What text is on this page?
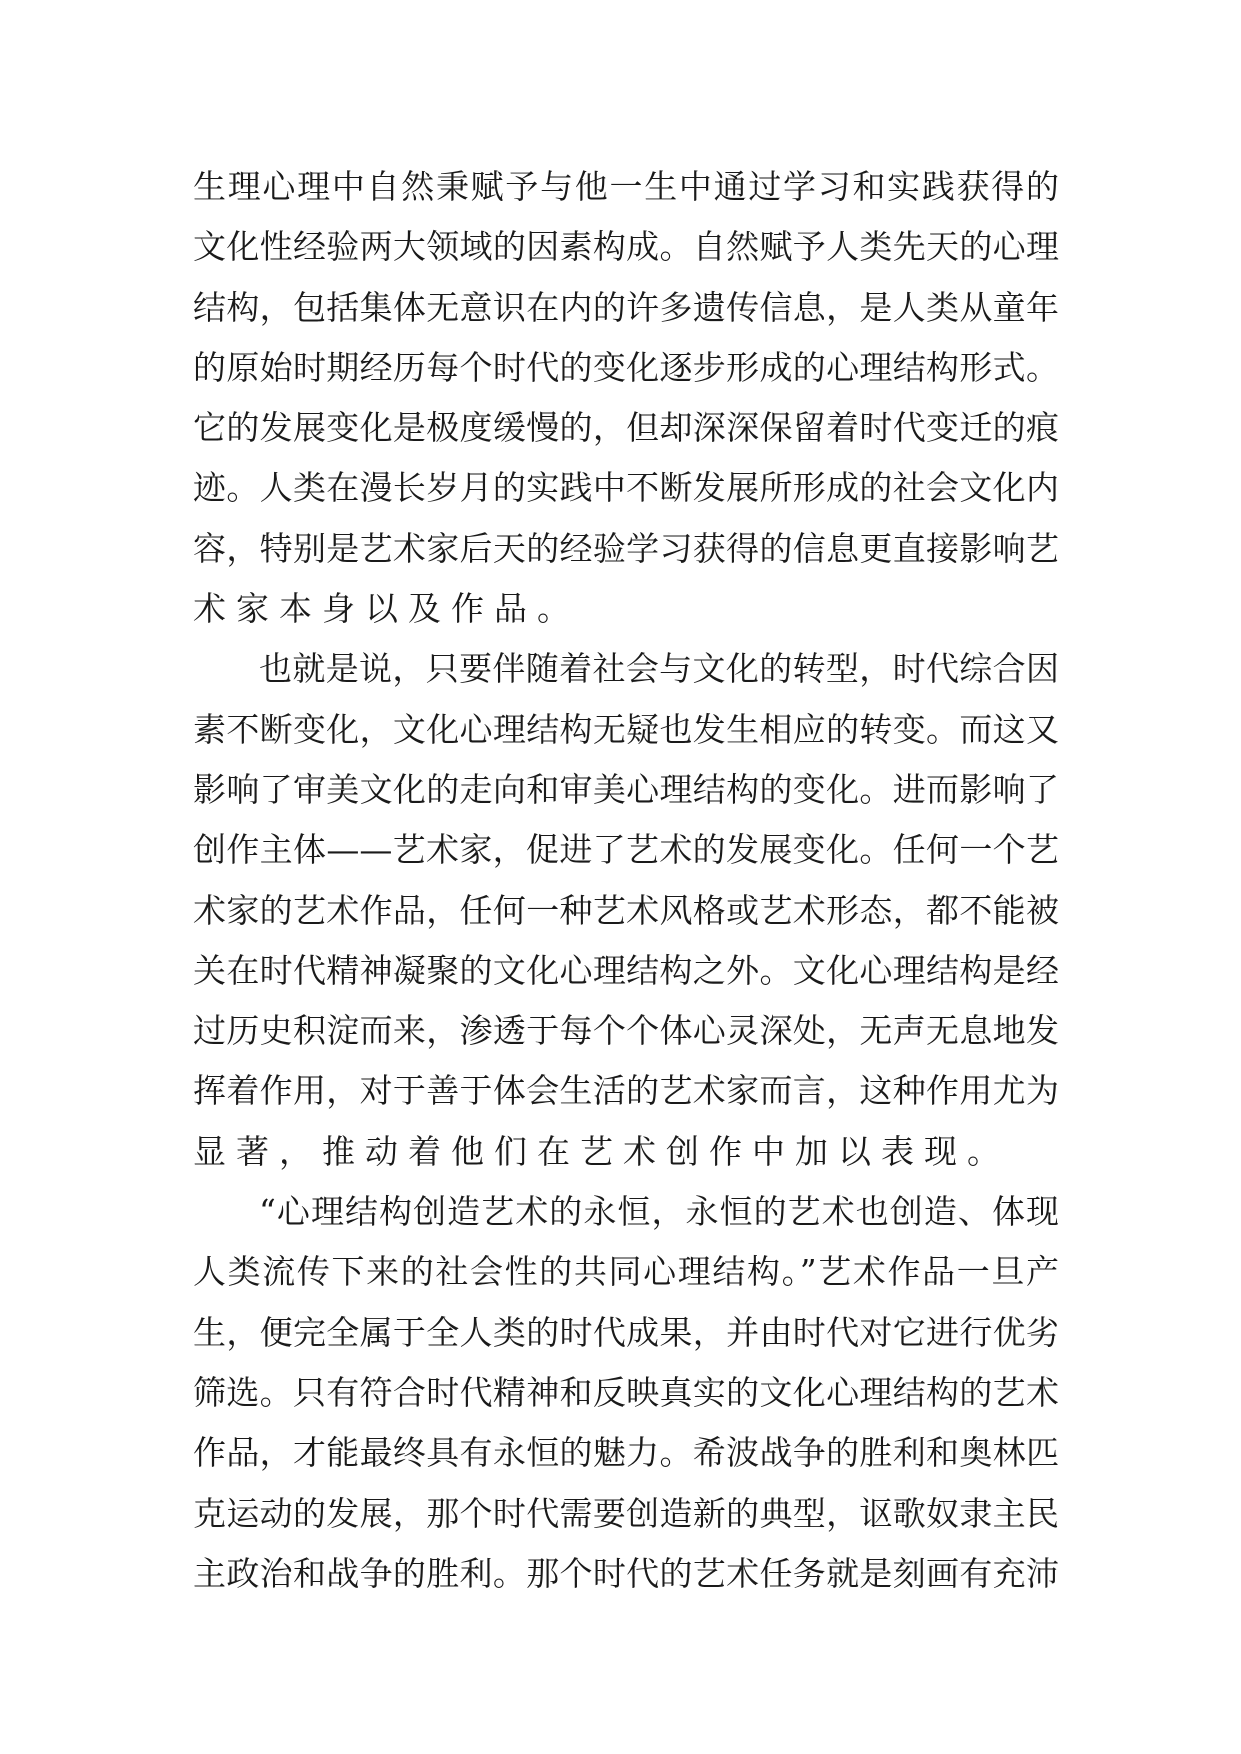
生理心理中自然秉赋予与他一生中通过学习和实践获得的
文化性经验两大领域的因素构成。自然赋予人类先天的心理
结构，包括集体无意识在内的许多遗传信息，是人类从童年
的原始时期经历每个时代的变化逐步形成的心理结构形式。
它的发展变化是极度缓慢的，但却深深保留着时代变迁的痕
迹。人类在漫长岁月的实践中不断发展所形成的社会文化内
容，特别是艺术家后天的经验学习获得的信息更直接影响艺
术家本身以及作品。
也就是说，只要伴随着社会与文化的转型，时代综合因
素不断变化，文化心理结构无疑也发生相应的转变。而这又
影响了审美文化的走向和审美心理结构的变化。进而影响了
创作主体——艺术家，促进了艺术的发展变化。任何一个艺
术家的艺术作品，任何一种艺术风格或艺术形态，都不能被
关在时代精神凝聚的文化心理结构之外。文化心理结构是经
过历史积淀而来，渗透于每个个体心灵深处，无声无息地发
挥着作用，对于善于体会生活的艺术家而言，这种作用尤为
显著，推动着他们在艺术创作中加以表现。
“心理结构创造艺术的永恒，永恒的艺术也创造、体现
人类流传下来的社会性的共同心理结构。”艺术作品一旦产
生，便完全属于全人类的时代成果，并由时代对它进行优劣
筛选。只有符合时代精神和反映真实的文化心理结构的艺术
作品，才能最终具有永恒的魅力。希波战争的胜利和奥林匹
克运动的发展，那个时代需要创造新的典型，讴歌奴隶主民
主政治和战争的胜利。那个时代的艺术任务就是刻画有充沛
